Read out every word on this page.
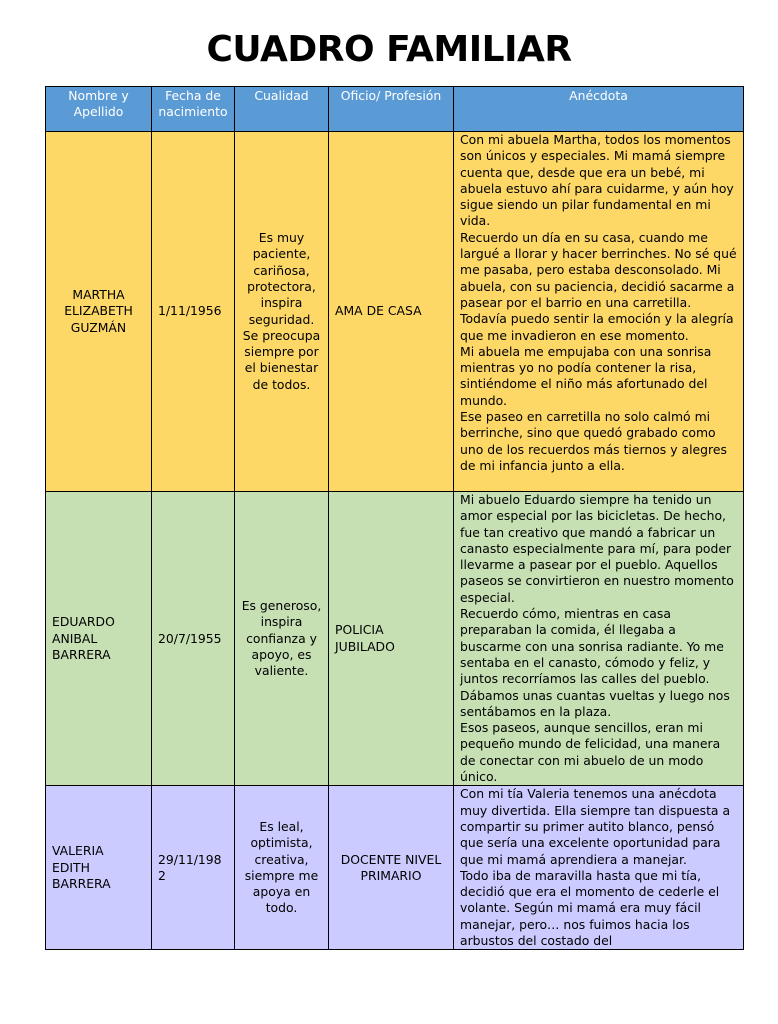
CUADRO FAMILIAR
Nombre y Apellido	Fecha de nacimiento	Cualidad	Oficio/ Profesión	Anécdota
MARTHA ELIZABETH GUZMÁN	1/11/1956	Es muy paciente, cariñosa, protectora, inspira seguridad. Se preocupa siempre por el bienestar de todos.	AMA DE CASA	Con mi abuela Martha, todos los momentos son únicos y especiales. Mi mamá siempre cuenta que, desde que era un bebé, mi abuela estuvo ahí para cuidarme, y aún hoy sigue siendo un pilar fundamental en mi vida.
Recuerdo un día en su casa, cuando me largué a llorar y hacer berrinches. No sé qué me pasaba, pero estaba desconsolado. Mi abuela, con su paciencia, decidió sacarme a pasear por el barrio en una carretilla. Todavía puedo sentir la emoción y la alegría que me invadieron en ese momento.
Mi abuela me empujaba con una sonrisa mientras yo no podía contener la risa, sintiéndome el niño más afortunado del mundo.
Ese paseo en carretilla no solo calmó mi berrinche, sino que quedó grabado como uno de los recuerdos más tiernos y alegres de mi infancia junto a ella.

EDUARDO ANIBAL BARRERA	20/7/1955	Es generoso, inspira confianza y apoyo, es valiente.	POLICIA JUBILADO	Mi abuelo Eduardo siempre ha tenido un amor especial por las bicicletas. De hecho, fue tan creativo que mandó a fabricar un canasto especialmente para mí, para poder llevarme a pasear por el pueblo. Aquellos paseos se convirtieron en nuestro momento especial.
Recuerdo cómo, mientras en casa preparaban la comida, él llegaba a buscarme con una sonrisa radiante. Yo me sentaba en el canasto, cómodo y feliz, y juntos recorríamos las calles del pueblo. Dábamos unas cuantas vueltas y luego nos sentábamos en la plaza.
Esos paseos, aunque sencillos, eran mi pequeño mundo de felicidad, una manera de conectar con mi abuelo de un modo único.

VALERIA EDITH BARRERA	29/11/1982	Es leal, optimista, creativa, siempre me apoya en todo.	DOCENTE NIVEL PRIMARIO	Con mi tía Valeria tenemos una anécdota muy divertida. Ella siempre tan dispuesta a compartir su primer autito blanco, pensó que sería una excelente oportunidad para que mi mamá aprendiera a manejar.
Todo iba de maravilla hasta que mi tía, decidió que era el momento de cederle el volante. Según mi mamá era muy fácil manejar, pero… nos fuimos hacia los arbustos del costado del
